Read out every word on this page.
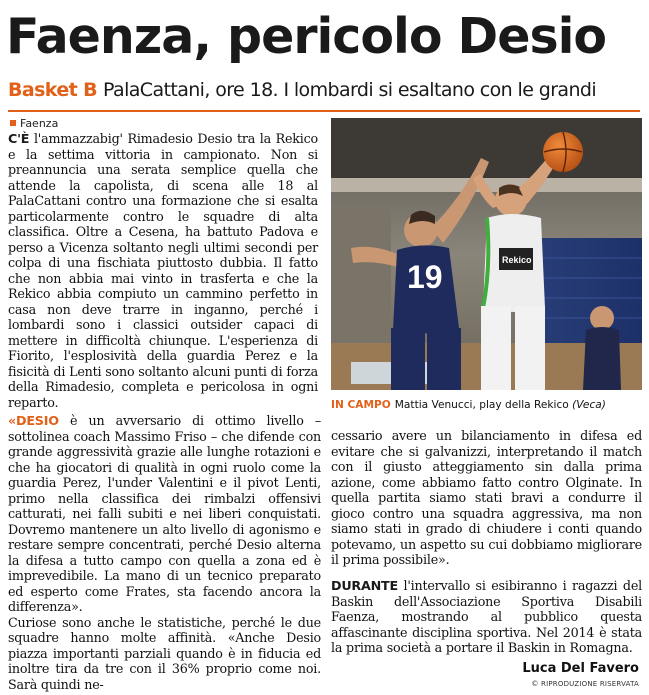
Faenza, pericolo Desio
Basket B PalaCattani, ore 18. I lombardi si esaltano con le grandi
Faenza
C'È l'ammazzabig' Rimadesio Desio tra la Rekico e la settima vittoria in campionato. Non si preannuncia una serata semplice quella che attende la capolista, di scena alle 18 al PalaCattani contro una formazione che si esalta particolarmente contro le squadre di alta classifica. Oltre a Cesena, ha battuto Padova e perso a Vicenza soltanto negli ultimi secondi per colpa di una fischiata piuttosto dubbia. Il fatto che non abbia mai vinto in trasferta e che la Rekico abbia compiuto un cammino perfetto in casa non deve trarre in inganno, perché i lombardi sono i classici outsider capaci di mettere in difficoltà chiunque. L'esperienza di Fiorito, l'esplosività della guardia Perez e la fisicità di Lenti sono soltanto alcuni punti di forza della Rimadesio, completa e pericolosa in ogni reparto.
19	Rekico
IN CAMPO Mattia Venucci, play della Rekico (Veca)
«DESIO è un avversario di ottimo livello – sottolinea coach Massimo Friso – che difende con grande aggressività grazie alle lunghe rotazioni e che ha giocatori di qualità in ogni ruolo come la guardia Perez, l'under Valentini e il pivot Lenti, primo nella classifica dei rimbalzi offensivi catturati, nei falli subiti e nei liberi conquistati. Dovremo mantenere un alto livello di agonismo e restare sempre concentrati, perché Desio alterna la difesa a tutto campo con quella a zona ed è imprevedibile. La mano di un tecnico preparato ed esperto come Frates, sta facendo ancora la differenza».
Curiose sono anche le statistiche, perché le due squadre hanno molte affinità. «Anche Desio piazza importanti parziali quando è in fiducia ed inoltre tira da tre con il 36% proprio come noi. Sarà quindi ne-
cessario avere un bilanciamento in difesa ed evitare che si galvanizzi, interpretando il match con il giusto atteggiamento sin dalla prima azione, come abbiamo fatto contro Olginate. In quella partita siamo stati bravi a condurre il gioco contro una squadra aggressiva, ma non siamo stati in grado di chiudere i conti quando potevamo, un aspetto su cui dobbiamo migliorare il prima possibile».
DURANTE l'intervallo si esibiranno i ragazzi del Baskin dell'Associazione Sportiva Disabili Faenza, mostrando al pubblico questa affascinante disciplina sportiva. Nel 2014 è stata la prima società a portare il Baskin in Romagna.
Luca Del Favero
© RIPRODUZIONE RISERVATA
